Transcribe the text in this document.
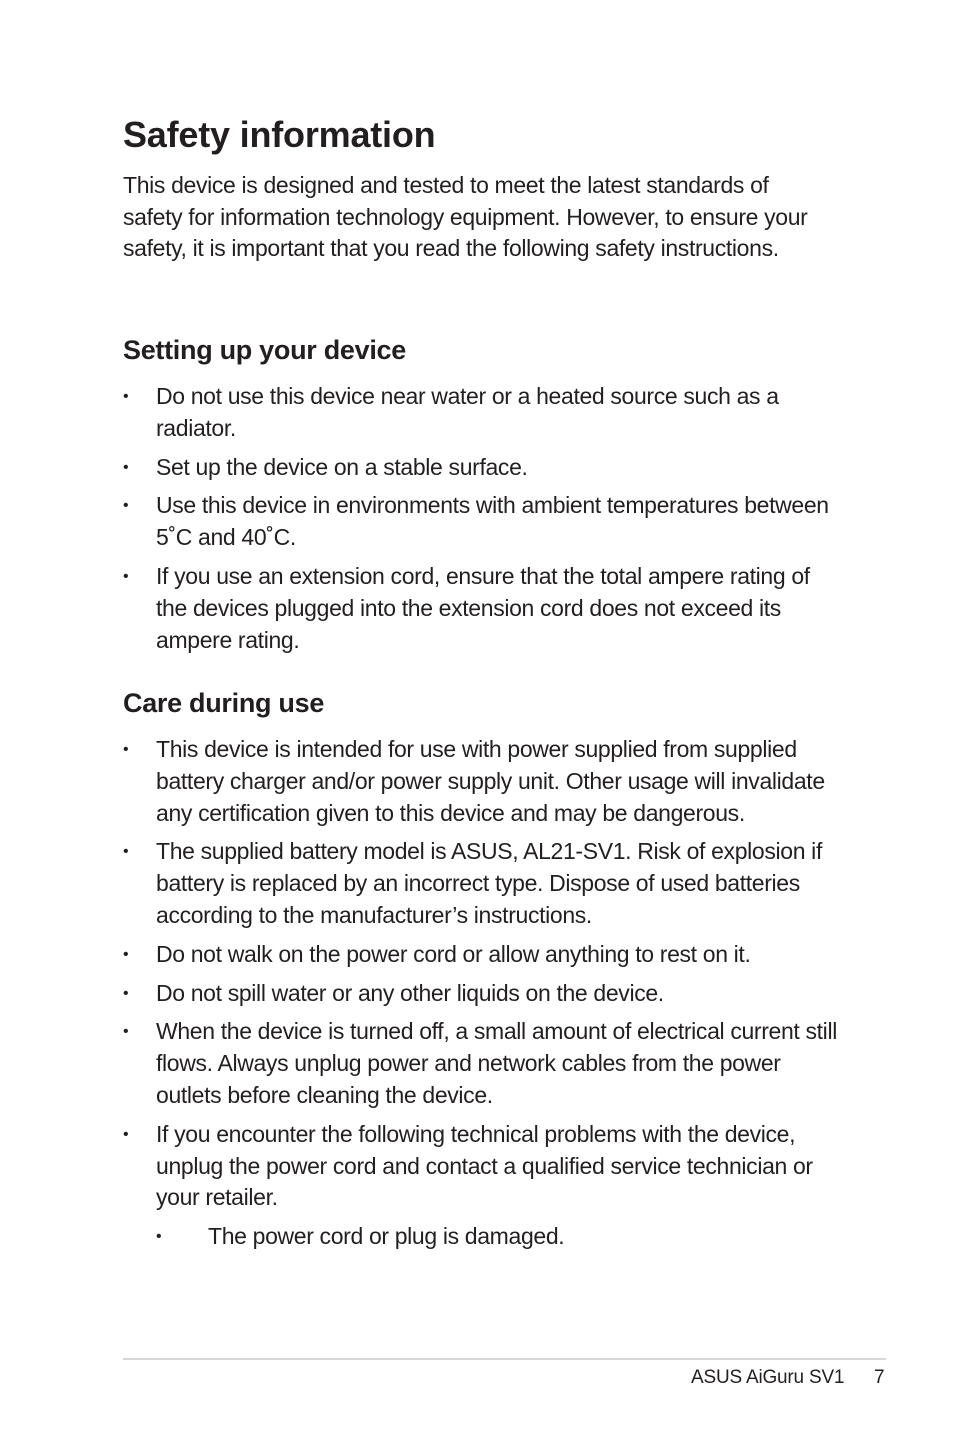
Safety information

This device is designed and tested to meet the latest standards of safety for information technology equipment. However, to ensure your safety, it is important that you read the following safety instructions.

Setting up your device
• Do not use this device near water or a heated source such as a radiator.
• Set up the device on a stable surface.
• Use this device in environments with ambient temperatures between 5˚C and 40˚C.
• If you use an extension cord, ensure that the total ampere rating of the devices plugged into the extension cord does not exceed its ampere rating.
Care during use
• This device is intended for use with power supplied from supplied battery charger and/or power supply unit. Other usage will invalidate any certification given to this device and may be dangerous.
• The supplied battery model is ASUS, AL21-SV1. Risk of explosion if battery is replaced by an incorrect type. Dispose of used batteries according to the manufacturer’s instructions.
• Do not walk on the power cord or allow anything to rest on it.
• Do not spill water or any other liquids on the device.
• When the device is turned off, a small amount of electrical current still flows. Always unplug power and network cables from the power outlets before cleaning the device.
• If you encounter the following technical problems with the device, unplug the power cord and contact a qualified service technician or your retailer.
• The power cord or plug is damaged.
ASUS AiGuru SV1 7
